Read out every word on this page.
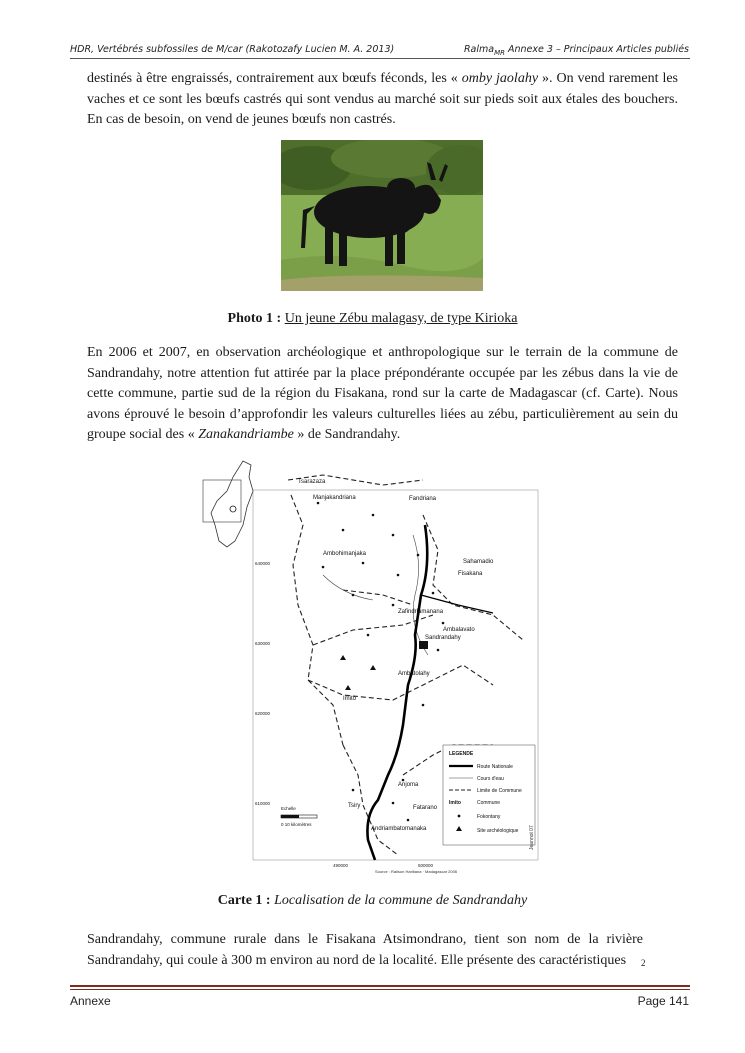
HDR, Vertébrés subfossiles de M/car (Rakotozafy Lucien M. A. 2013)	Ralma$_{MR}$ Annexe 3 – Principaux Articles publiés

destinés à être engraissés, contrairement aux bœufs féconds, les « omby jaolahy ». On vend rarement les vaches et ce sont les bœufs castrés qui sont vendus au marché soit sur pieds soit aux étales des bouchers. En cas de besoin, on vend de jeunes bœufs non castrés.

Photo 1 : Un jeune Zébu malagasy, de type Kirioka

En 2006 et 2007, en observation archéologique et anthropologique sur le terrain de la commune de Sandrandahy, notre attention fut attirée par la place prépondérante occupée par les zébus dans la vie de cette commune, partie sud de la région du Fisakana, rond sur la carte de Madagascar (cf. Carte). Nous avons éprouvé le besoin d’approfondir les valeurs culturelles liées au zébu, particulièrement au sein du groupe social des « Zanakandriambe » de Sandrandahy.

Tsarazaza
Manjakandriana	Fandriana
Sahamadio
Fisakana
Sandrandahy
Ambohimanjaka
Ambatolahy
Anjoma
Tsiry	Fatarano
Imito
Ambalavato
Zafindriamanana
Andriambatomanaka
640000
630000
620000
610000
490000	500000
LEGENDE
Route Nationale
Cours d'eau
Limite de Commune
Imito	Commune
Fokontany
Site archéologique
Echelle
0 10 kilomètres
Source : Ralison Haritiana · Madagascar 2006
Jeannot 07
Carte 1 : Localisation de la commune de Sandrandahy

Sandrandahy, commune rurale dans le Fisakana Atsimondrano, tient son nom de la rivière Sandrandahy, qui coule à 300 m environ au nord de la localité. Elle présente des caractéristiques	2
Annexe	Page 141
